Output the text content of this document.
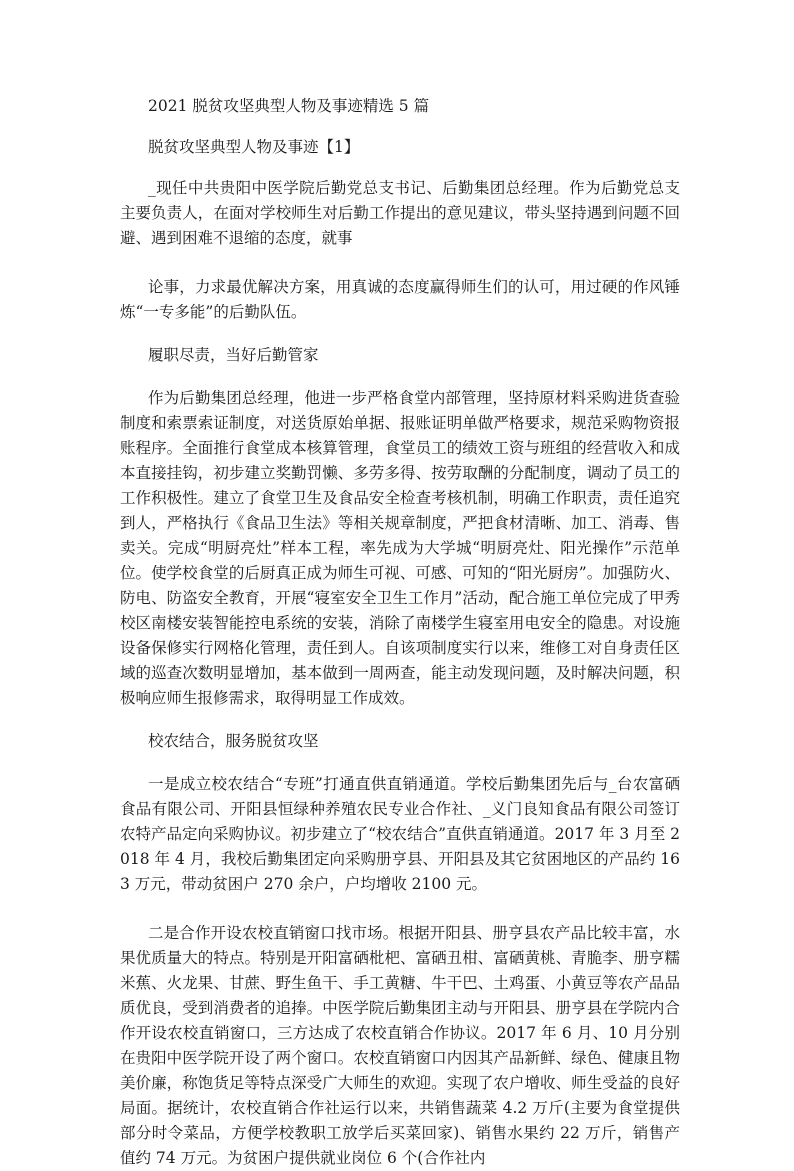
2021 脱贫攻坚典型人物及事迹精选 5 篇

脱贫攻坚典型人物及事迹【1】

_现任中共贵阳中医学院后勤党总支书记、后勤集团总经理。作为后勤党总支主要负责人，在面对学校师生对后勤工作提出的意见建议，带头坚持遇到问题不回避、遇到困难不退缩的态度，就事

论事，力求最优解决方案，用真诚的态度赢得师生们的认可，用过硬的作风锤炼“一专多能”的后勤队伍。

履职尽责，当好后勤管家

作为后勤集团总经理，他进一步严格食堂内部管理，坚持原材料采购进货查验制度和索票索证制度，对送货原始单据、报账证明单做严格要求，规范采购物资报账程序。全面推行食堂成本核算管理，食堂员工的绩效工资与班组的经营收入和成本直接挂钩，初步建立奖勤罚懒、多劳多得、按劳取酬的分配制度，调动了员工的工作积极性。建立了食堂卫生及食品安全检查考核机制，明确工作职责，责任追究到人，严格执行《食品卫生法》等相关规章制度，严把食材清晰、加工、消毒、售卖关。完成“明厨亮灶”样本工程，率先成为大学城“明厨亮灶、阳光操作”示范单位。使学校食堂的后厨真正成为师生可视、可感、可知的“阳光厨房”。加强防火、防电、防盗安全教育，开展“寝室安全卫生工作月”活动，配合施工单位完成了甲秀校区南楼安装智能控电系统的安装，消除了南楼学生寝室用电安全的隐患。对设施设备保修实行网格化管理，责任到人。自该项制度实行以来，维修工对自身责任区域的巡查次数明显增加，基本做到一周两查，能主动发现问题，及时解决问题，积极响应师生报修需求，取得明显工作成效。

校农结合，服务脱贫攻坚

一是成立校农结合“专班”打通直供直销通道。学校后勤集团先后与_台农富硒食品有限公司、开阳县恒绿种养殖农民专业合作社、_义门良知食品有限公司签订农特产品定向采购协议。初步建立了“校农结合”直供直销通道。2017 年 3 月至 2018 年 4 月，我校后勤集团定向采购册亨县、开阳县及其它贫困地区的产品约 163 万元，带动贫困户 270 余户，户均增收 2100 元。

二是合作开设农校直销窗口找市场。根据开阳县、册亨县农产品比较丰富，水果优质量大的特点。特别是开阳富硒枇杷、富硒丑柑、富硒黄桃、青脆李、册亨糯米蕉、火龙果、甘蔗、野生鱼干、手工黄糖、牛干巴、土鸡蛋、小黄豆等农产品品质优良，受到消费者的追捧。中医学院后勤集团主动与开阳县、册亨县在学院内合作开设农校直销窗口，三方达成了农校直销合作协议。2017 年 6 月、10 月分别在贵阳中医学院开设了两个窗口。农校直销窗口内因其产品新鲜、绿色、健康且物美价廉，称饱货足等特点深受广大师生的欢迎。实现了农户增收、师生受益的良好局面。据统计，农校直销合作社运行以来，共销售蔬菜 4.2 万斤(主要为食堂提供部分时令菜品，方便学校教职工放学后买菜回家)、销售水果约 22 万斤，销售产值约 74 万元。为贫困户提供就业岗位 6 个(合作社内
